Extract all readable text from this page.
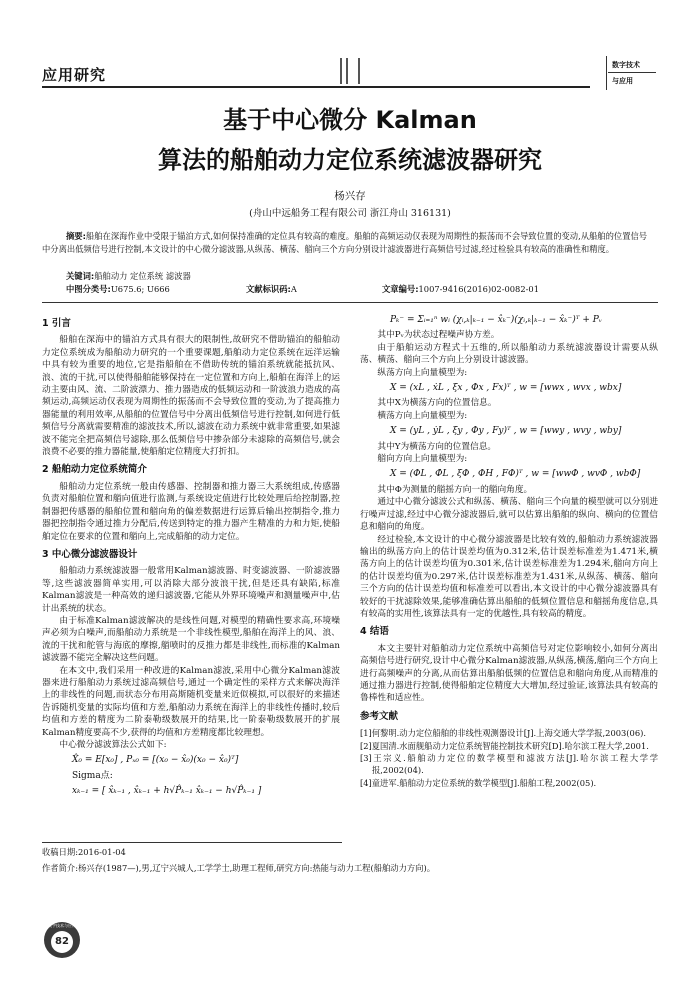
应用研究
数字技术
与应用
基于中心微分 Kalman
算法的船舶动力定位系统滤波器研究
杨兴存
(舟山中远船务工程有限公司 浙江舟山 316131)
摘要:船舶在深海作业中受限于锚泊方式,如何保持准确的定位具有较高的难度。船舶的高频运动仅表现为周期性的振荡而不会导致位置的变动,从船舶的位置信号中分离出低频信号进行控制,本文设计的中心微分滤波器,从纵荡、横荡、艏向三个方向分别设计滤波器进行高频信号过滤,经过检验具有较高的准确性和精度。
关键词:船舶动力 定位系统 滤波器
中图分类号:U675.6; U666	文献标识码:A	文章编号:1007-9416(2016)02-0082-01
1 引言

船舶在深海中的锚泊方式具有很大的限制性,故研究不借助锚泊的船舶动力定位系统成为船舶动力研究的一个重要课题,船舶动力定位系统在远洋运输中具有较为重要的地位,它是指船舶在不借助传统的锚泊系统就能抵抗风、浪、流的干扰,可以使得船舶能够保持在一定位置和方向上,船舶在海洋上的运动主要由风、流、二阶波漂力、推力器造成的低频运动和一阶波浪力造成的高频运动,高频运动仅表现为周期性的振荡而不会导致位置的变动,为了提高推力器能量的利用效率,从船舶的位置信号中分离出低频信号进行控制,如何进行低频信号分离就需要精准的滤波技术,所以,滤波在动力系统中就非常重要,如果滤波不能完全把高频信号滤除,那么低频信号中掺杂部分未滤除的高频信号,就会浪费不必要的推力器能量,使船舶定位精度大打折扣。

2 船舶动力定位系统简介

船舶动力定位系统一般由传感器、控制器和推力器三大系统组成,传感器负责对船舶位置和艏向值进行监测,与系统设定值进行比较处理后给控制器,控制器把传感器的船舶位置和艏向角的偏差数据进行运算后输出控制指令,推力器把控制指令通过推力分配后,传送到特定的推力器产生精准的力和力矩,使船舶定位在要求的位置和艏向上,完成船舶的动力定位。

3 中心微分滤波器设计

船舶动力系统滤波器一般常用Kalman滤波器、时变滤波器、一阶滤波器等,这些滤波器简单实用,可以消除大部分波浪干扰,但是还具有缺陷,标准Kalman滤波是一种高效的递归滤波器,它能从外界环境噪声和测量噪声中,估计出系统的状态。

由于标准Kalman滤波解决的是线性问题,对模型的精确性要求高,环境噪声必须为白噪声,而船舶动力系统是一个非线性模型,船舶在海洋上的风、浪、流的干扰和舵管与海底的摩擦,艏喷时的反推力都是非线性,而标准的Kalman滤波器不能完全解决这些问题。

在本文中,我们采用一种改进的Kalman滤波,采用中心微分Kalman滤波器来进行船舶动力系统过滤高频信号,通过一个确定性的采样方式来解决海洋上的非线性的问题,而状态分布用高斯随机变量来近似模拟,可以很好的来描述告诉随机变量的实际均值和方差,船舶动力系统在海洋上的非线性传播时,较后均值和方差的精度为二阶泰勒级数展开的结果,比一阶泰勒级数展开的扩展Kalman精度要高不少,获得的均值和方差精度都比较理想。

中心微分滤波算法公式如下:

X̂₀ = E[x₀] , Pₓ₀ = [(x₀ − x̂₀)(x₀ − x̂₀)ᵀ]
Sigma点:
xₖ₋₁ = [ x̂ₖ₋₁ , x̂ₖ₋₁ + h√P̂ₖ₋₁ x̂ₖ₋₁ − h√P̂ₖ₋₁ ]
Pₖ⁻ = Σᵢ₌₁ⁿ wᵢ (χᵢ,ₖ|ₖ₋₁ − x̂ₖ⁻)(χᵢ,ₖ|ₖ₋₁ − x̂ₖ⁻)ᵀ + Pᵥ

其中Pᵥ为状态过程噪声协方差。

由于船舶运动方程式十五维的,所以船舶动力系统滤波器设计需要从纵荡、横荡、艏向三个方向上分别设计滤波器。

纵荡方向上向量模型为:

X = (xL , ẋL , ξx , Φx , Fx)ᵀ , w = [wwx , wvx , wbx]

其中X为横荡方向的位置信息。

横荡方向上向量模型为:

X = (yL , ẏL , ξy , Φy , Fy)ᵀ , w = [wwy , wvy , wby]

其中Y为横荡方向的位置信息。

艏向方向上向量模型为:

X = (ΦL , Φ̇L , ξΦ , ΦH , FΦ)ᵀ , w = [wwΦ , wvΦ , wbΦ]

其中Φ为测量的艏摇方向一的艏向角度。

通过中心微分滤波公式和纵荡、横荡、艏向三个向量的模型就可以分别进行噪声过滤,经过中心微分滤波器后,就可以估算出船舶的纵向、横向的位置信息和艏向的角度。

经过检验,本文设计的中心微分滤波器是比较有效的,船舶动力系统滤波器输出的纵荡方向上的估计误差均值为0.312米,估计误差标准差为1.471米,横荡方向上的估计误差均值为0.301米,估计误差标准差为1.294米,艏向方向上的估计误差均值为0.297米,估计误差标准差为1.431米,从纵荡、横荡、艏向三个方向的估计误差均值和标准差可以看出,本文设计的中心微分滤波器具有较好的干扰滤除效果,能够准确估算出船舶的低频位置信息和艏摇角度信息,具有较高的实用性,该算法具有一定的优越性,具有较高的精度。

4 结语

本文主要针对船舶动力定位系统中高频信号对定位影响较小,如何分离出高频信号进行研究,设计中心微分Kalman滤波器,从纵荡,横荡,艏向三个方向上进行高频噪声的分离,从而估算出船舶低频的位置信息和艏向角度,从而精准的通过推力器进行控制,使得船舶定位精度大大增加,经过验证,该算法具有较高的鲁棒性和适应性。

参考文献
[1]何黎明.动力定位船舶的非线性观测器设计[J].上海交通大学学报,2003(06).
[2]夏国清.水面舰船动力定位系统智能控制技术研究[D].哈尔滨工程大学,2001.
[3]王宗义.船舶动力定位的数学模型和滤波方法[J].哈尔滨工程大学学报,2002(04).
[4]童进军.船舶动力定位系统的数学模型[J].船舶工程,2002(05).
收稿日期:2016-01-04
作者简介:杨兴存(1987—),男,辽宁兴城人,工学学士,助理工程师,研究方向:热能与动力工程(船舶动力方向)。
数字技术与应用
82
